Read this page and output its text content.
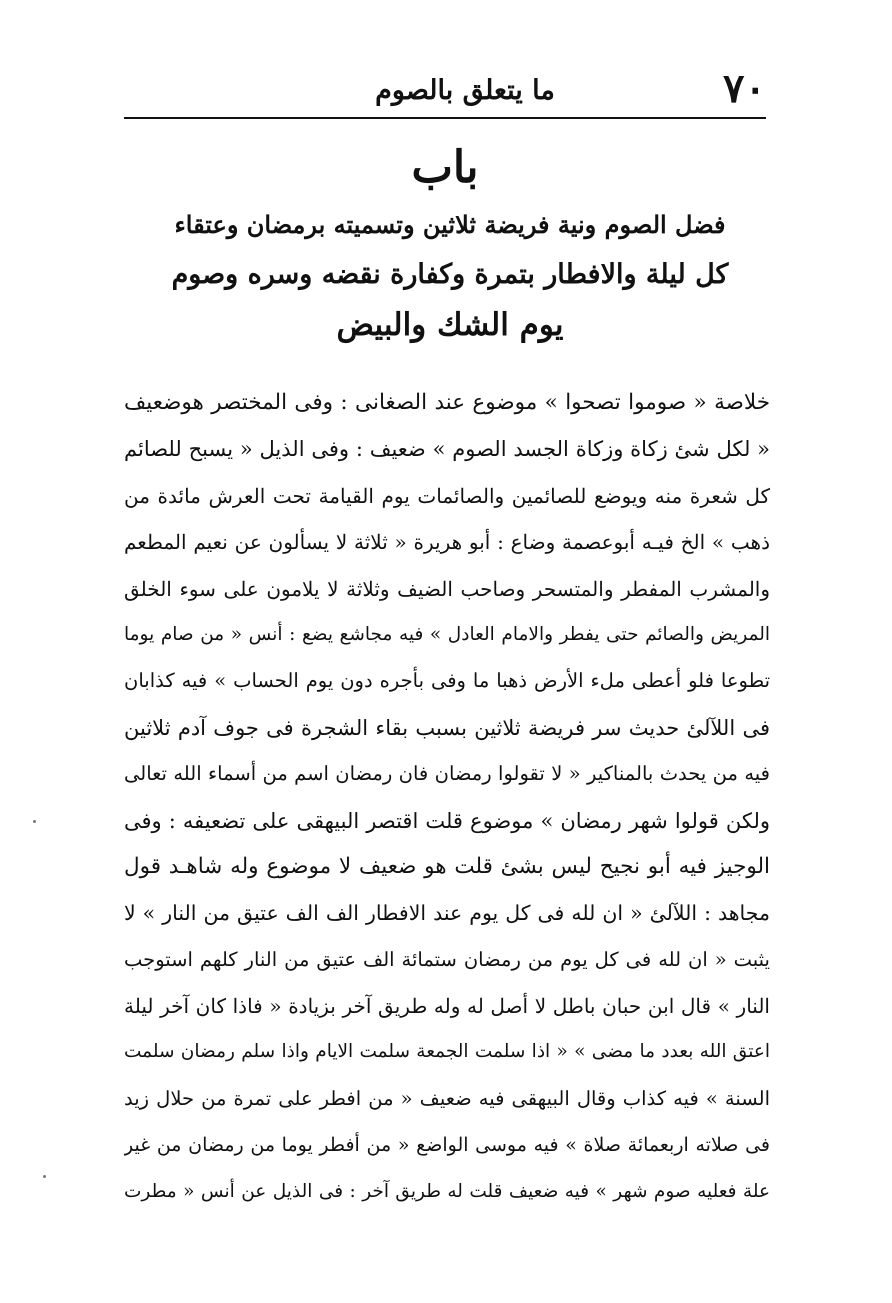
٧٠
ما يتعلق بالصوم
باب
فضل الصوم ونية فريضة ثلاثين وتسميته برمضان وعتقاء
كل ليلة والافطار بتمرة وكفارة نقضه وسره وصوم
يوم الشك والبيض
خلاصة « صوموا تصحوا » موضوع عند الصغانى : وفى المختصر هوضعيف
« لكل شئ زكاة وزكاة الجسد الصوم » ضعيف : وفى الذيل « يسبح للصائم
كل شعرة منه ويوضع للصائمين والصائمات يوم القيامة تحت العرش مائدة من
ذهب » الخ فيـه أبوعصمة وضاع : أبو هريرة « ثلاثة لا يسألون عن نعيم المطعم
والمشرب المفطر والمتسحر وصاحب الضيف وثلاثة لا يلامون على سوء الخلق
المريض والصائم حتى يفطر والامام العادل » فيه مجاشع يضع : أنس « من صام يوما
تطوعا فلو أعطى ملء الأرض ذهبا ما وفى بأجره دون يوم الحساب » فيه كذابان
فى اللآلئ حديث سر فريضة ثلاثين بسبب بقاء الشجرة فى جوف آدم ثلاثين
فيه من يحدث بالمناكير « لا تقولوا رمضان فان رمضان اسم من أسماء الله تعالى
ولكن قولوا شهر رمضان » موضوع قلت اقتصر البيهقى على تضعيفه : وفى
الوجيز فيه أبو نجيح ليس بشئ قلت هو ضعيف لا موضوع وله شاهـد قول
مجاهد : اللآلئ « ان لله فى كل يوم عند الافطار الف الف عتيق من النار » لا
يثبت « ان لله فى كل يوم من رمضان ستمائة الف عتيق من النار كلهم استوجب
النار » قال ابن حبان باطل لا أصل له وله طريق آخر بزيادة « فاذا كان آخر ليلة
اعتق الله بعدد ما مضى » « اذا سلمت الجمعة سلمت الايام واذا سلم رمضان سلمت
السنة » فيه كذاب وقال البيهقى فيه ضعيف « من افطر على تمرة من حلال زيد
فى صلاته اربعمائة صلاة » فيه موسى الواضع « من أفطر يوما من رمضان من غير
علة فعليه صوم شهر » فيه ضعيف قلت له طريق آخر : فى الذيل عن أنس « مطرت
